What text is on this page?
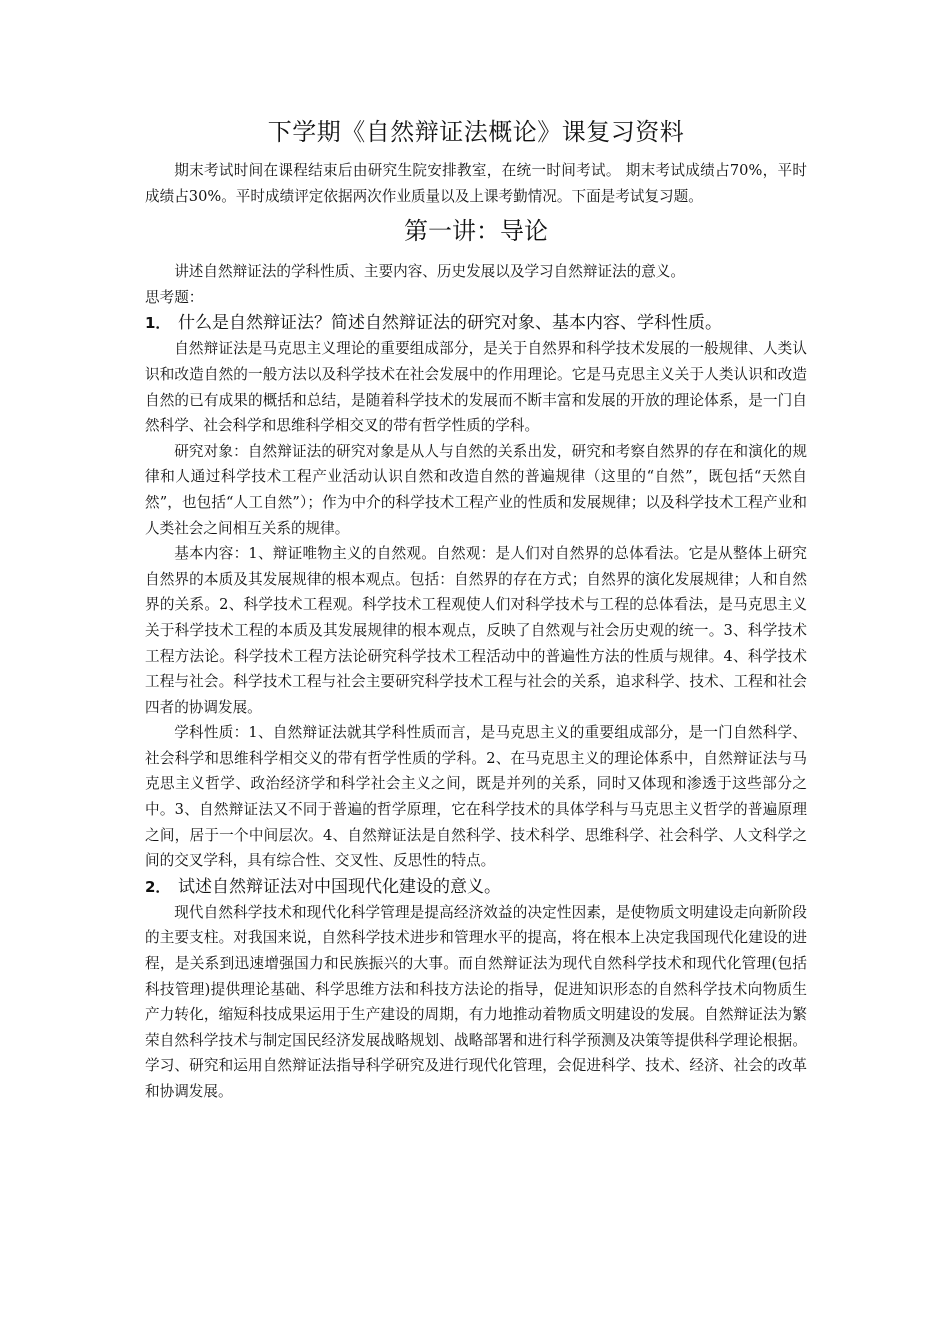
下学期《自然辩证法概论》课复习资料

期末考试时间在课程结束后由研究生院安排教室，在统一时间考试。 期末考试成绩占70%，平时成绩占30%。平时成绩评定依据两次作业质量以及上课考勤情况。下面是考试复习题。

第一讲：导论

讲述自然辩证法的学科性质、主要内容、历史发展以及学习自然辩证法的意义。

思考题：

1． 什么是自然辩证法？简述自然辩证法的研究对象、基本内容、学科性质。

自然辩证法是马克思主义理论的重要组成部分，是关于自然界和科学技术发展的一般规律、人类认识和改造自然的一般方法以及科学技术在社会发展中的作用理论。它是马克思主义关于人类认识和改造自然的已有成果的概括和总结，是随着科学技术的发展而不断丰富和发展的开放的理论体系，是一门自然科学、社会科学和思维科学相交叉的带有哲学性质的学科。

研究对象：自然辩证法的研究对象是从人与自然的关系出发，研究和考察自然界的存在和演化的规律和人通过科学技术工程产业活动认识自然和改造自然的普遍规律（这里的“自然”，既包括“天然自然”，也包括“人工自然”）；作为中介的科学技术工程产业的性质和发展规律；以及科学技术工程产业和人类社会之间相互关系的规律。

基本内容：1、辩证唯物主义的自然观。自然观：是人们对自然界的总体看法。它是从整体上研究自然界的本质及其发展规律的根本观点。包括：自然界的存在方式；自然界的演化发展规律；人和自然界的关系。2、科学技术工程观。科学技术工程观使人们对科学技术与工程的总体看法，是马克思主义关于科学技术工程的本质及其发展规律的根本观点，反映了自然观与社会历史观的统一。3、科学技术工程方法论。科学技术工程方法论研究科学技术工程活动中的普遍性方法的性质与规律。4、科学技术工程与社会。科学技术工程与社会主要研究科学技术工程与社会的关系，追求科学、技术、工程和社会四者的协调发展。

学科性质：1、自然辩证法就其学科性质而言，是马克思主义的重要组成部分，是一门自然科学、社会科学和思维科学相交义的带有哲学性质的学科。2、在马克思主义的理论体系中，自然辩证法与马克思主义哲学、政治经济学和科学社会主义之间，既是并列的关系，同时又体现和渗透于这些部分之中。3、自然辩证法又不同于普遍的哲学原理，它在科学技术的具体学科与马克思主义哲学的普遍原理之间，居于一个中间层次。4、自然辩证法是自然科学、技术科学、思维科学、社会科学、人文科学之间的交叉学科，具有综合性、交叉性、反思性的特点。

2． 试述自然辩证法对中国现代化建设的意义。

现代自然科学技术和现代化科学管理是提高经济效益的决定性因素，是使物质文明建设走向新阶段的主要支柱。对我国来说，自然科学技术进步和管理水平的提高，将在根本上决定我国现代化建设的进程，是关系到迅速增强国力和民族振兴的大事。而自然辩证法为现代自然科学技术和现代化管理(包括科技管理)提供理论基础、科学思维方法和科技方法论的指导，促进知识形态的自然科学技术向物质生产力转化，缩短科技成果运用于生产建设的周期，有力地推动着物质文明建设的发展。自然辩证法为繁荣自然科学技术与制定国民经济发展战略规划、战略部署和进行科学预测及决策等提供科学理论根据。学习、研究和运用自然辩证法指导科学研究及进行现代化管理，会促进科学、技术、经济、社会的改革和协调发展。
